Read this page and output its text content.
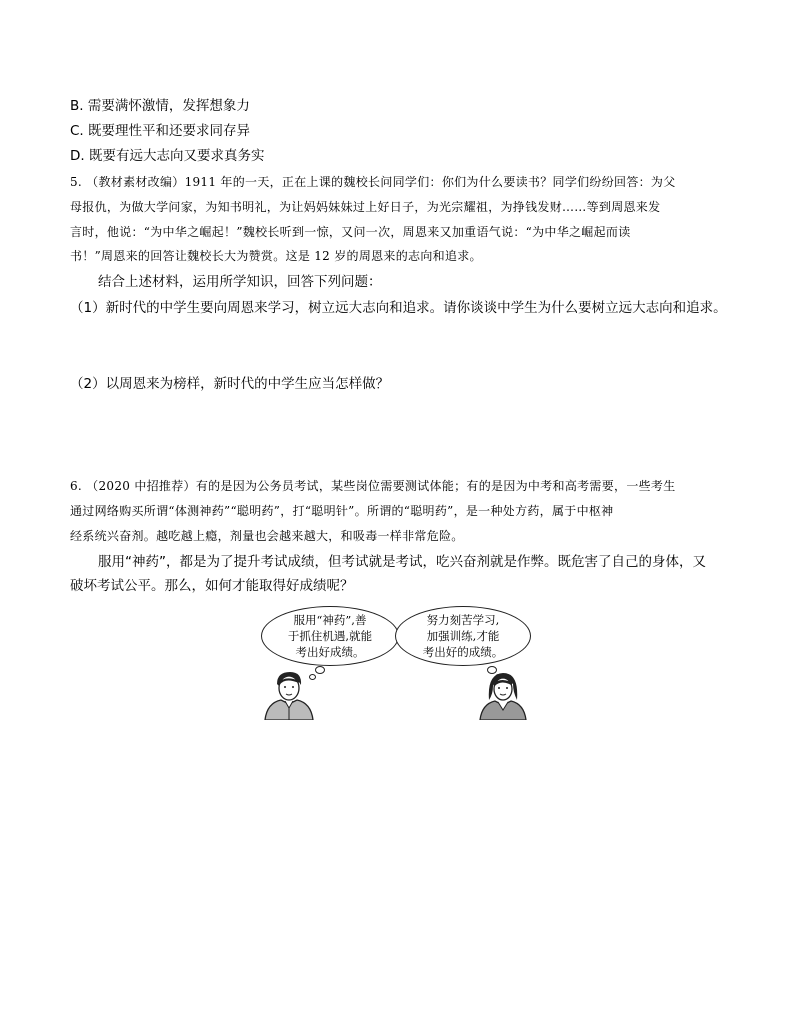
B. 需要满怀激情，发挥想象力
C. 既要理性平和还要求同存异
D. 既要有远大志向又要求真务实
5. （教材素材改编）1911 年的一天，正在上课的魏校长问同学们：你们为什么要读书？同学们纷纷回答：为父
母报仇，为做大学问家，为知书明礼，为让妈妈妹妹过上好日子，为光宗耀祖，为挣钱发财……等到周恩来发
言时，他说：“为中华之崛起！”魏校长听到一惊，又问一次，周恩来又加重语气说：“为中华之崛起而读
书！”周恩来的回答让魏校长大为赞赏。这是 12 岁的周恩来的志向和追求。
结合上述材料，运用所学知识，回答下列问题：
（1）新时代的中学生要向周恩来学习，树立远大志向和追求。请你谈谈中学生为什么要树立远大志向和追求。
（2）以周恩来为榜样，新时代的中学生应当怎样做？
6. （2020 中招推荐）有的是因为公务员考试，某些岗位需要测试体能；有的是因为中考和高考需要，一些考生
通过网络购买所谓“体测神药”“聪明药”，打“聪明针”。所谓的“聪明药”，是一种处方药，属于中枢神
经系统兴奋剂。越吃越上瘾，剂量也会越来越大，和吸毒一样非常危险。
服用“神药”，都是为了提升考试成绩，但考试就是考试，吃兴奋剂就是作弊。既危害了自己的身体，又
破坏考试公平。那么，如何才能取得好成绩呢？
服用“神药”,善
于抓住机遇,就能
考出好成绩。
努力刻苦学习,
加强训练,才能
考出好的成绩。
